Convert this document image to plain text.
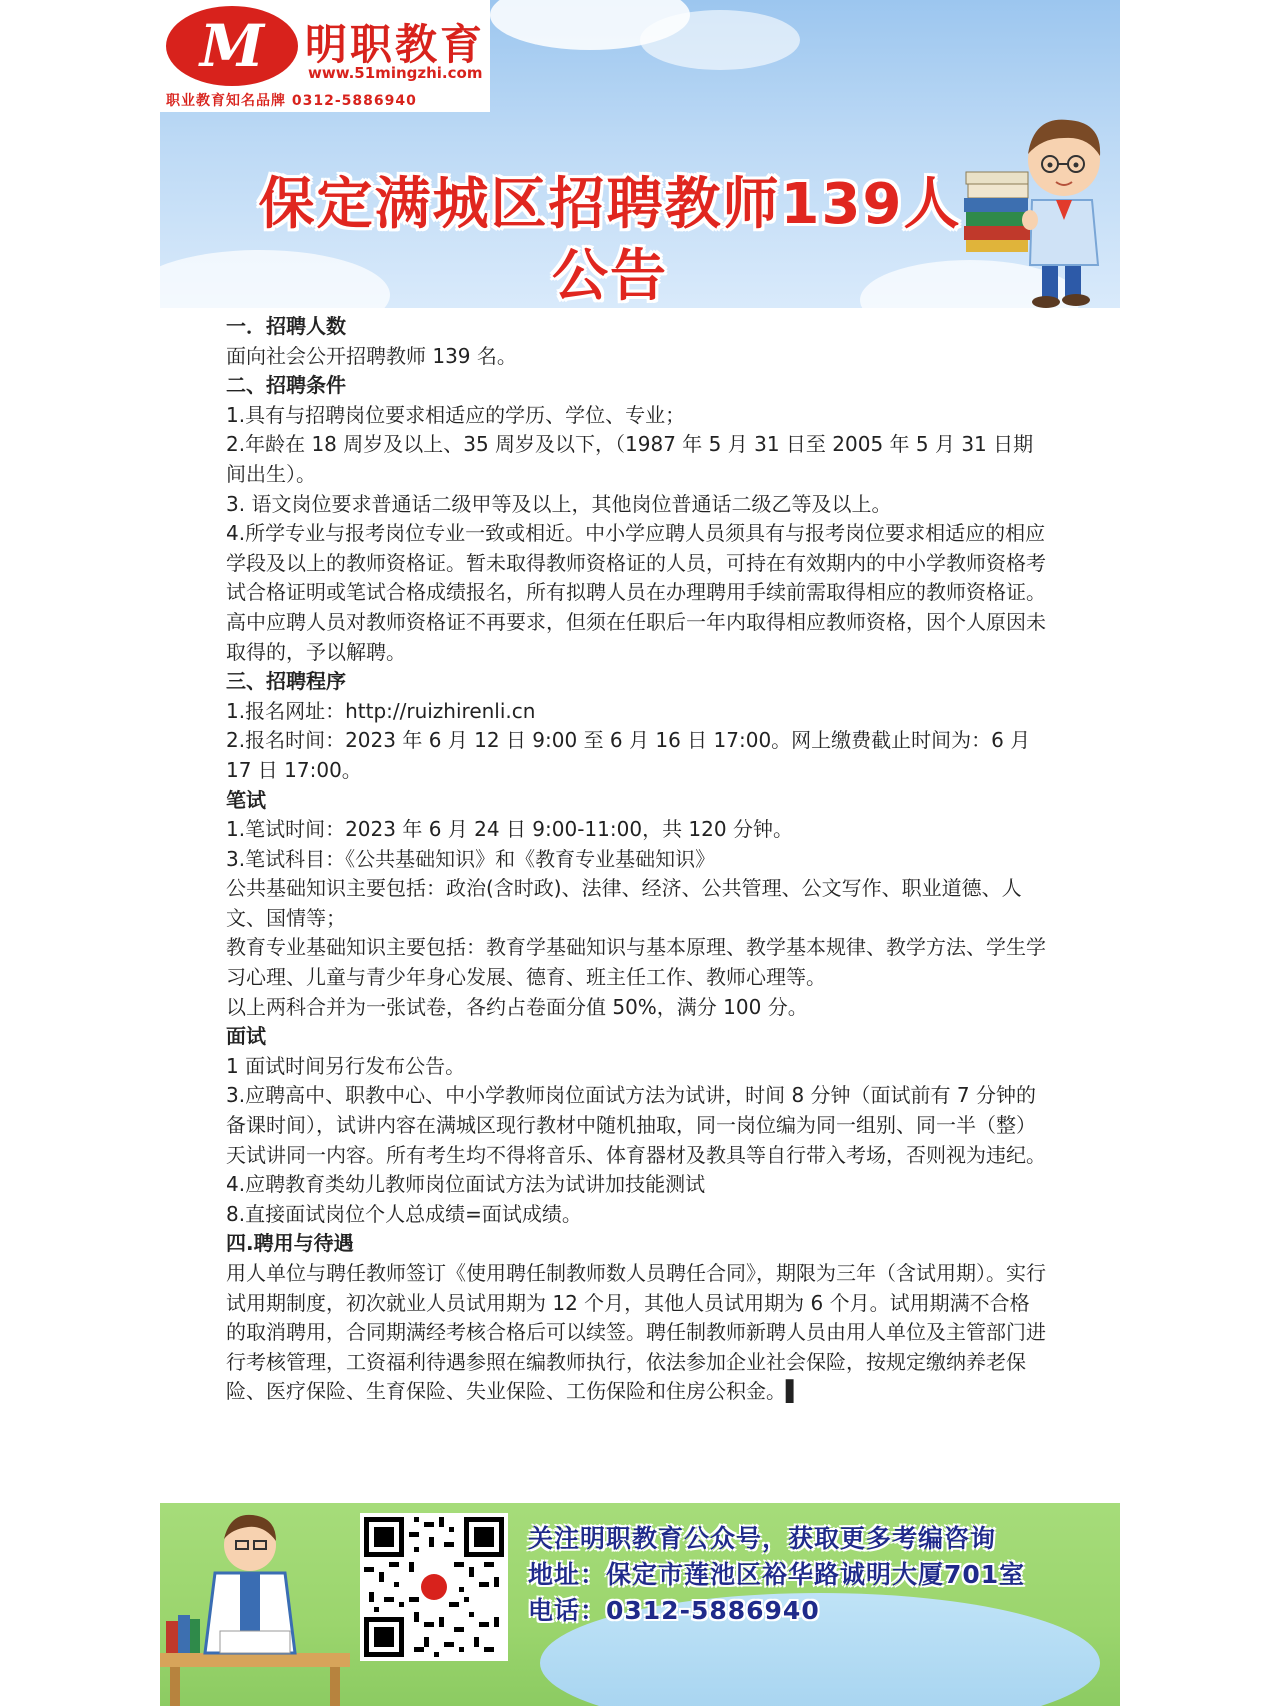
M 明职教育
www.51mingzhi.com
职业教育知名品牌 0312-5886940
保定满城区招聘教师139人
公告

一．招聘人数

面向社会公开招聘教师 139 名。

二、招聘条件

1.具有与招聘岗位要求相适应的学历、学位、专业；

2.年龄在 18 周岁及以上、35 周岁及以下，（1987 年 5 月 31 日至 2005 年 5 月 31 日期间出生）。

3. 语文岗位要求普通话二级甲等及以上，其他岗位普通话二级乙等及以上。

4.所学专业与报考岗位专业一致或相近。中小学应聘人员须具有与报考岗位要求相适应的相应学段及以上的教师资格证。暂未取得教师资格证的人员，可持在有效期内的中小学教师资格考试合格证明或笔试合格成绩报名，所有拟聘人员在办理聘用手续前需取得相应的教师资格证。

高中应聘人员对教师资格证不再要求，但须在任职后一年内取得相应教师资格，因个人原因未取得的，予以解聘。

三、招聘程序

1.报名网址：http://ruizhirenli.cn

2.报名时间：2023 年 6 月 12 日 9:00 至 6 月 16 日 17:00。网上缴费截止时间为：6 月 17 日 17:00。

笔试

1.笔试时间：2023 年 6 月 24 日 9:00-11:00，共 120 分钟。

3.笔试科目：《公共基础知识》和《教育专业基础知识》

公共基础知识主要包括：政治(含时政)、法律、经济、公共管理、公文写作、职业道德、人文、国情等；

教育专业基础知识主要包括：教育学基础知识与基本原理、教学基本规律、教学方法、学生学习心理、儿童与青少年身心发展、德育、班主任工作、教师心理等。

以上两科合并为一张试卷，各约占卷面分值 50%，满分 100 分。

面试

1 面试时间另行发布公告。

3.应聘高中、职教中心、中小学教师岗位面试方法为试讲，时间 8 分钟（面试前有 7 分钟的备课时间），试讲内容在满城区现行教材中随机抽取，同一岗位编为同一组别、同一半（整）天试讲同一内容。所有考生均不得将音乐、体育器材及教具等自行带入考场，否则视为违纪。

4.应聘教育类幼儿教师岗位面试方法为试讲加技能测试

8.直接面试岗位个人总成绩=面试成绩。

四.聘用与待遇

用人单位与聘任教师签订《使用聘任制教师数人员聘任合同》，期限为三年（含试用期）。实行试用期制度，初次就业人员试用期为 12 个月，其他人员试用期为 6 个月。试用期满不合格的取消聘用，合同期满经考核合格后可以续签。聘任制教师新聘人员由用人单位及主管部门进行考核管理，工资福利待遇参照在编教师执行，依法参加企业社会保险，按规定缴纳养老保险、医疗保险、生育保险、失业保险、工伤保险和住房公积金。▌

关注明职教育公众号，获取更多考编咨询
地址：保定市莲池区裕华路诚明大厦701室
电话：0312-5886940
